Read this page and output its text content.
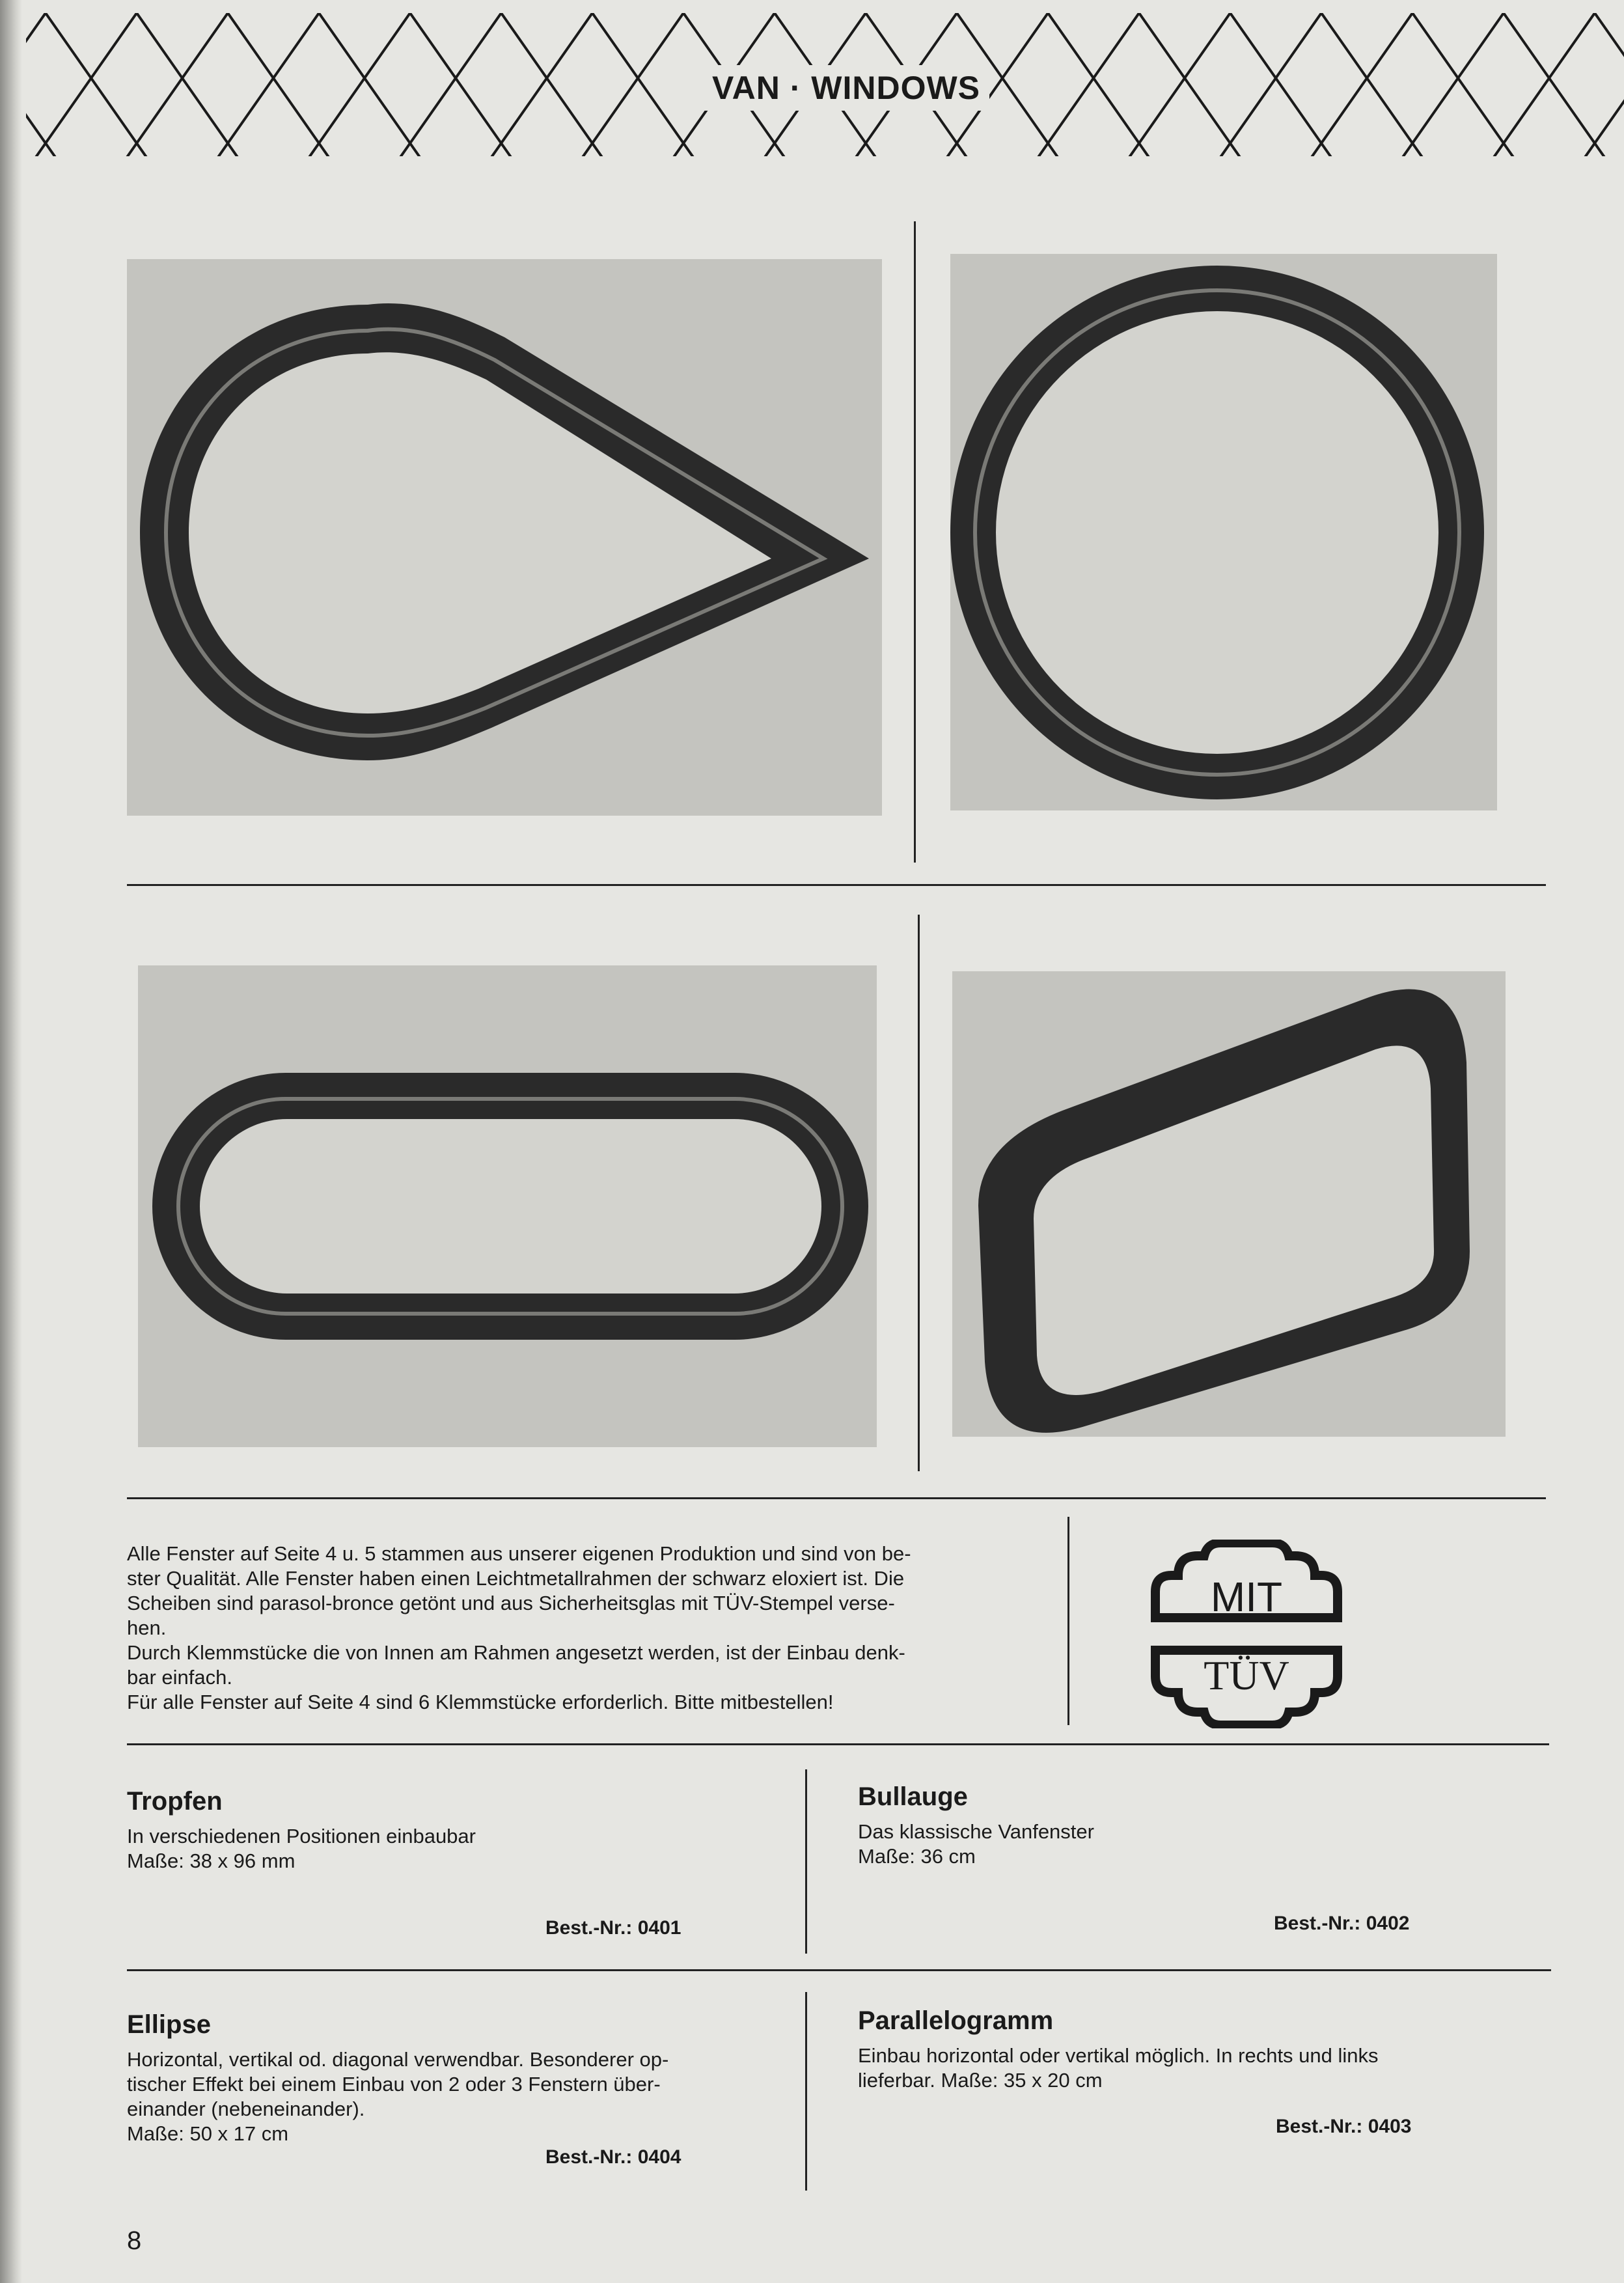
VAN · WINDOWS

Alle Fenster auf Seite 4 u. 5 stammen aus unserer eigenen Produktion und sind von be-

ster Qualität. Alle Fenster haben einen Leichtmetallrahmen der schwarz eloxiert ist. Die

Scheiben sind parasol-bronce getönt und aus Sicherheitsglas mit TÜV-Stempel verse-

hen.

Durch Klemmstücke die von Innen am Rahmen angesetzt werden, ist der Einbau denk-

bar einfach.

Für alle Fenster auf Seite 4 sind 6 Klemmstücke erforderlich. Bitte mitbestellen!

MIT
TÜV
Tropfen

In verschiedenen Positionen einbaubar

Maße: 38 x 96 mm

Best.-Nr.: 0401
Bullauge

Das klassische Vanfenster

Maße: 36 cm

Best.-Nr.: 0402
Ellipse

Horizontal, vertikal od. diagonal verwendbar. Besonderer op-

tischer Effekt bei einem Einbau von 2 oder 3 Fenstern über-

einander (nebeneinander).

Maße: 50 x 17 cm

Best.-Nr.: 0404
Parallelogramm

Einbau horizontal oder vertikal möglich. In rechts und links

lieferbar. Maße: 35 x 20 cm

Best.-Nr.: 0403
8
